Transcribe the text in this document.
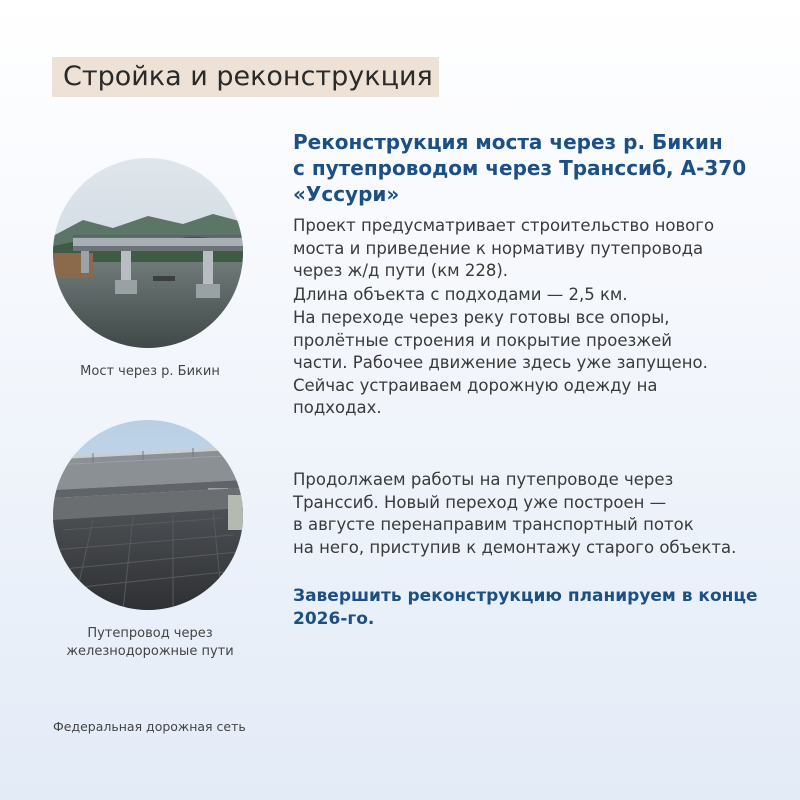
Стройка и реконструкция
Мост через р. Бикин
Путепровод через
железнодорожные пути
Реконструкция моста через р. Бикин
с путепроводом через Транссиб, А-370
«Уссури»
Проект предусматривает строительство нового
моста и приведение к нормативу путепровода
через ж/д пути (км 228).
Длина объекта с подходами — 2,5 км.
На переходе через реку готовы все опоры,
пролётные строения и покрытие проезжей
части. Рабочее движение здесь уже запущено.
Сейчас устраиваем дорожную одежду на
подходах.
Продолжаем работы на путепроводе через
Транссиб. Новый переход уже построен —
в августе перенаправим транспортный поток
на него, приступив к демонтажу старого объекта.
Завершить реконструкцию планируем в конце
2026-го.
Федеральная дорожная сеть
